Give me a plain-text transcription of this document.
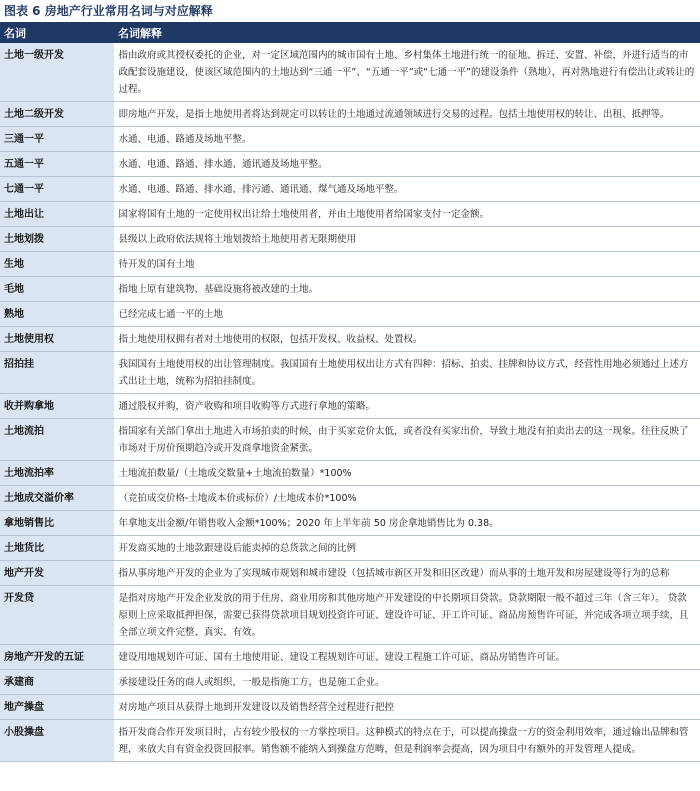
图表 6 房地产行业常用名词与对应解释
名词	名词解释
土地一级开发	指由政府或其授权委托的企业，对一定区域范围内的城市国有土地、乡村集体土地进行统一的征地、拆迁、安置、补偿，并进行适当的市政配套设施建设，使该区域范围内的土地达到“三通一平”、“五通一平”或“七通一平”的建设条件（熟地），再对熟地进行有偿出让或转让的过程。
土地二级开发	即房地产开发，是指土地使用者将达到规定可以转让的土地通过流通领域进行交易的过程。包括土地使用权的转让、出租、抵押等。
三通一平	水通、电通、路通及场地平整。
五通一平	水通、电通、路通、排水通、通讯通及场地平整。
七通一平	水通、电通、路通、排水通、排污通、通讯通、煤气通及场地平整。
土地出让	国家将国有土地的一定使用权出让给土地使用者，并由土地使用者给国家支付一定金额。
土地划拨	县级以上政府依法规将土地划拨给土地使用者无限期使用
生地	待开发的国有土地
毛地	指地上原有建筑物、基础设施将被改建的土地。
熟地	已经完成七通一平的土地
土地使用权	指土地使用权拥有者对土地使用的权限，包括开发权、收益权、处置权。
招拍挂	我国国有土地使用权的出让管理制度。我国国有土地使用权出让方式有四种：招标、拍卖、挂牌和协议方式，经营性用地必须通过上述方式出让土地，统称为招拍挂制度。
收并购拿地	通过股权并购，资产收购和项目收购等方式进行拿地的策略。
土地流拍	指国家有关部门拿出土地进入市场拍卖的时候，由于买家竞价太低，或者没有买家出价，导致土地没有拍卖出去的这一现象。往往反映了市场对于房价预期趋冷或开发商拿地资金紧张。
土地流拍率	土地流拍数量/（土地成交数量+土地流拍数量）*100%
土地成交溢价率	（竞拍成交价格-土地成本价或标价）/土地成本价*100%
拿地销售比	年拿地支出金额/年销售收入金额*100%；2020 年上半年前 50 房企拿地销售比为 0.38。
土地货比	开发商买地的土地款跟建设后能卖掉的总货款之间的比例
地产开发	指从事房地产开发的企业为了实现城市规划和城市建设（包括城市新区开发和旧区改建）而从事的土地开发和房屋建设等行为的总称
开发贷	是指对房地产开发企业发放的用于住房、商业用房和其他房地产开发建设的中长期项目贷款。贷款期限一般不超过三年（含三年）。 贷款原则上应采取抵押担保，需要已获得贷款项目规划投资许可证、建设许可证、开工许可证、商品房预售许可证，并完成各项立项手续，且全部立项文件完整、真实、有效。
房地产开发的五证	建设用地规划许可证、国有土地使用证、建设工程规划许可证、建设工程施工许可证、商品房销售许可证。
承建商	承接建设任务的商人或组织，一般是指施工方，也是施工企业。
地产操盘	对房地产项目从获得土地到开发建设以及销售经营全过程进行把控
小股操盘	指开发商合作开发项目时，占有较少股权的一方掌控项目。这种模式的特点在于，可以提高操盘一方的资金利用效率，通过输出品牌和管理，来放大自有资金投资回报率。销售额不能纳入到操盘方范畴，但是利润率会提高，因为项目中有额外的开发管理人提成。
